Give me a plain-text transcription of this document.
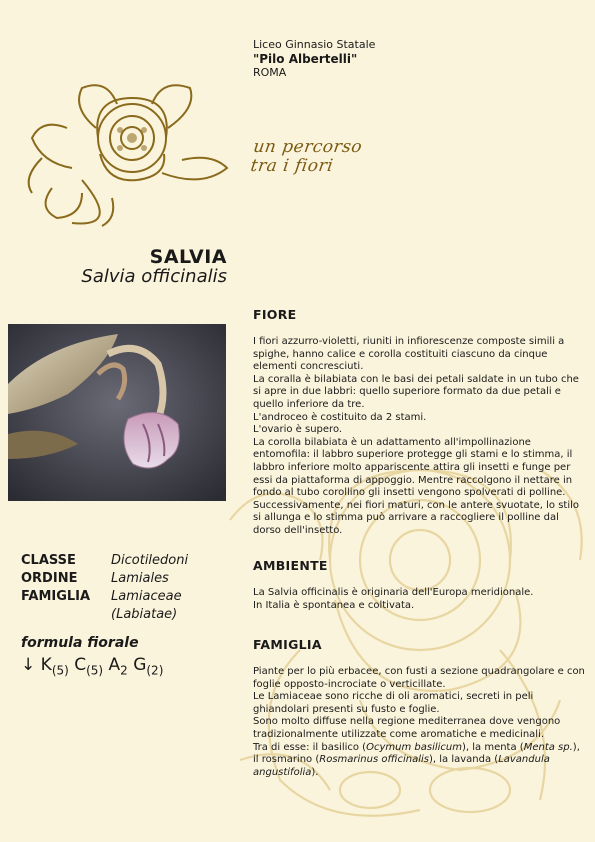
Liceo Ginnasio Statale
"Pilo Albertelli"
ROMA
un percorso
tra i fiori
SALVIA
Salvia officinalis
FIORE

I fiori azzurro-violetti, riuniti in infiorescenze composte simili a spighe, hanno calice e corolla costituiti ciascuno da cinque elementi concresciuti.

La coralla è bilabiata con le basi dei petali saldate in un tubo che si apre in due labbri: quello superiore formato da due petali e quello inferiore da tre.

L'androceo è costituito da 2 stami.

L'ovario è supero.

La corolla bilabiata è un adattamento all'impollinazione entomofila: il labbro superiore protegge gli stami e lo stimma, il labbro inferiore molto appariscente attira gli insetti e funge per essi da piattaforma di appoggio. Mentre raccolgono il nettare in fondo al tubo corollino gli insetti vengono spolverati di polline. Successivamente, nei fiori maturi, con le antere svuotate, lo stilo si allunga e lo stimma può arrivare a raccogliere il polline dal dorso dell'insetto.

AMBIENTE

La Salvia officinalis è originaria dell'Europa meridionale.

In Italia è spontanea e coltivata.

FAMIGLIA

Piante per lo più erbacee, con fusti a sezione quadrangolare e con foglie opposto-incrociate o verticillate.

Le Lamiaceae sono ricche di oli aromatici, secreti in peli ghiandolari presenti su fusto e foglie.

Sono molto diffuse nella regione mediterranea dove vengono tradizionalmente utilizzate come aromatiche e medicinali.

Tra di esse: il basilico (Ocymum basilicum), la menta (Menta sp.), il rosmarino (Rosmarinus officinalis), la lavanda (Lavandula angustifolia).

CLASSE	Dicotiledoni
ORDINE	Lamiales
FAMIGLIA	Lamiaceae
(Labiatae)
formula fiorale
↓ $K_{(5)}$ $C_{(5)}$ $A_2$ $G_{(2)}$
